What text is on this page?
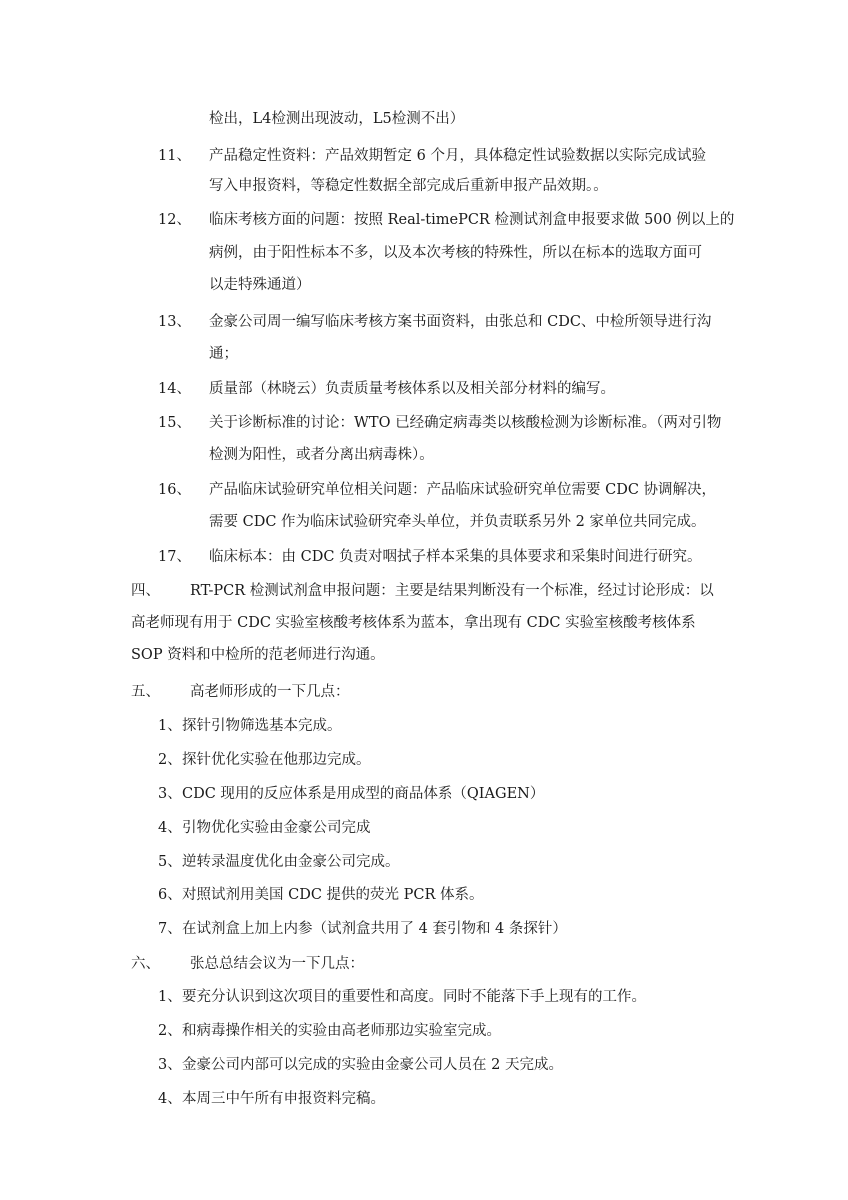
检出，L4检测出现波动，L5检测不出）
11、 产品稳定性资料：产品效期暂定 6 个月，具体稳定性试验数据以实际完成试验
写入申报资料，等稳定性数据全部完成后重新申报产品效期。。
12、 临床考核方面的问题：按照 Real-timePCR 检测试剂盒申报要求做 500 例以上的
病例，由于阳性标本不多，以及本次考核的特殊性，所以在标本的选取方面可
以走特殊通道）
13、 金豪公司周一编写临床考核方案书面资料，由张总和 CDC、中检所领导进行沟
通；
14、 质量部（林晓云）负责质量考核体系以及相关部分材料的编写。
15、 关于诊断标准的讨论：WTO 已经确定病毒类以核酸检测为诊断标准。（两对引物
检测为阳性，或者分离出病毒株）。
16、 产品临床试验研究单位相关问题：产品临床试验研究单位需要 CDC 协调解决，
需要 CDC 作为临床试验研究牵头单位，并负责联系另外 2 家单位共同完成。
17、 临床标本：由 CDC 负责对咽拭子样本采集的具体要求和采集时间进行研究。
四、 RT-PCR 检测试剂盒申报问题：主要是结果判断没有一个标准，经过讨论形成：以
高老师现有用于 CDC 实验室核酸考核体系为蓝本，拿出现有 CDC 实验室核酸考核体系
SOP 资料和中检所的范老师进行沟通。
五、 高老师形成的一下几点：
1、 探针引物筛选基本完成。
2、 探针优化实验在他那边完成。
3、 CDC 现用的反应体系是用成型的商品体系（QIAGEN）
4、 引物优化实验由金豪公司完成
5、 逆转录温度优化由金豪公司完成。
6、 对照试剂用美国 CDC 提供的荧光 PCR 体系。
7、 在试剂盒上加上内参（试剂盒共用了 4 套引物和 4 条探针）
六、 张总总结会议为一下几点：
1、 要充分认识到这次项目的重要性和高度。同时不能落下手上现有的工作。
2、 和病毒操作相关的实验由高老师那边实验室完成。
3、 金豪公司内部可以完成的实验由金豪公司人员在 2 天完成。
4、 本周三中午所有申报资料完稿。
